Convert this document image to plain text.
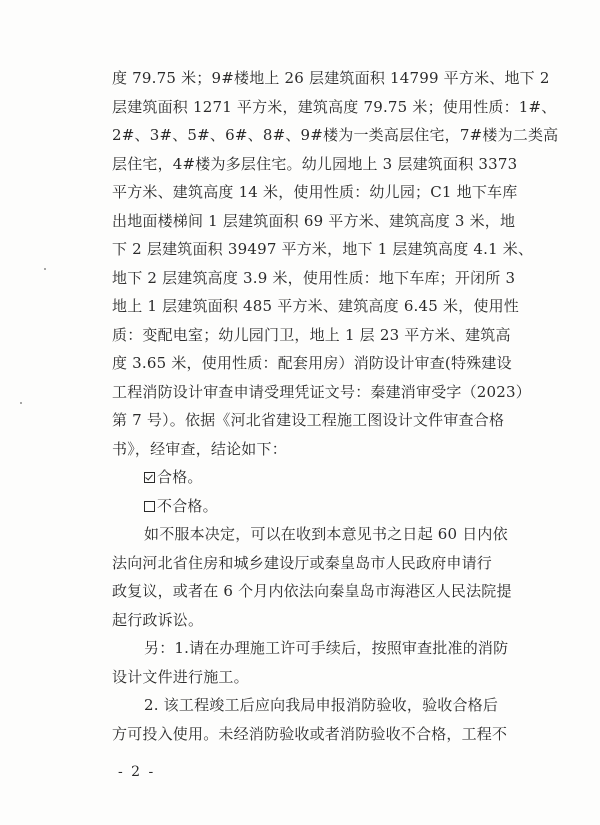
度 79.75 米；9#楼地上 26 层建筑面积 14799 平方米、地下 2
层建筑面积 1271 平方米，建筑高度 79.75 米；使用性质：1#、
2#、3#、5#、6#、8#、9#楼为一类高层住宅，7#楼为二类高
层住宅，4#楼为多层住宅。幼儿园地上 3 层建筑面积 3373
平方米、建筑高度 14 米，使用性质：幼儿园；C1 地下车库
出地面楼梯间 1 层建筑面积 69 平方米、建筑高度 3 米，地
下 2 层建筑面积 39497 平方米，地下 1 层建筑高度 4.1 米、
地下 2 层建筑高度 3.9 米，使用性质：地下车库；开闭所 3
地上 1 层建筑面积 485 平方米、建筑高度 6.45 米，使用性
质：变配电室；幼儿园门卫，地上 1 层 23 平方米、建筑高
度 3.65 米，使用性质：配套用房）消防设计审查(特殊建设
工程消防设计审查申请受理凭证文号：秦建消审受字（2023）
第 7 号）。依据《河北省建设工程施工图设计文件审查合格
书》，经审查，结论如下：
合格。
不合格。
如不服本决定，可以在收到本意见书之日起 60 日内依
法向河北省住房和城乡建设厅或秦皇岛市人民政府申请行
政复议，或者在 6 个月内依法向秦皇岛市海港区人民法院提
起行政诉讼。
另：1.请在办理施工许可手续后，按照审查批准的消防
设计文件进行施工。
2. 该工程竣工后应向我局申报消防验收，验收合格后
方可投入使用。未经消防验收或者消防验收不合格，工程不
- 2 -
